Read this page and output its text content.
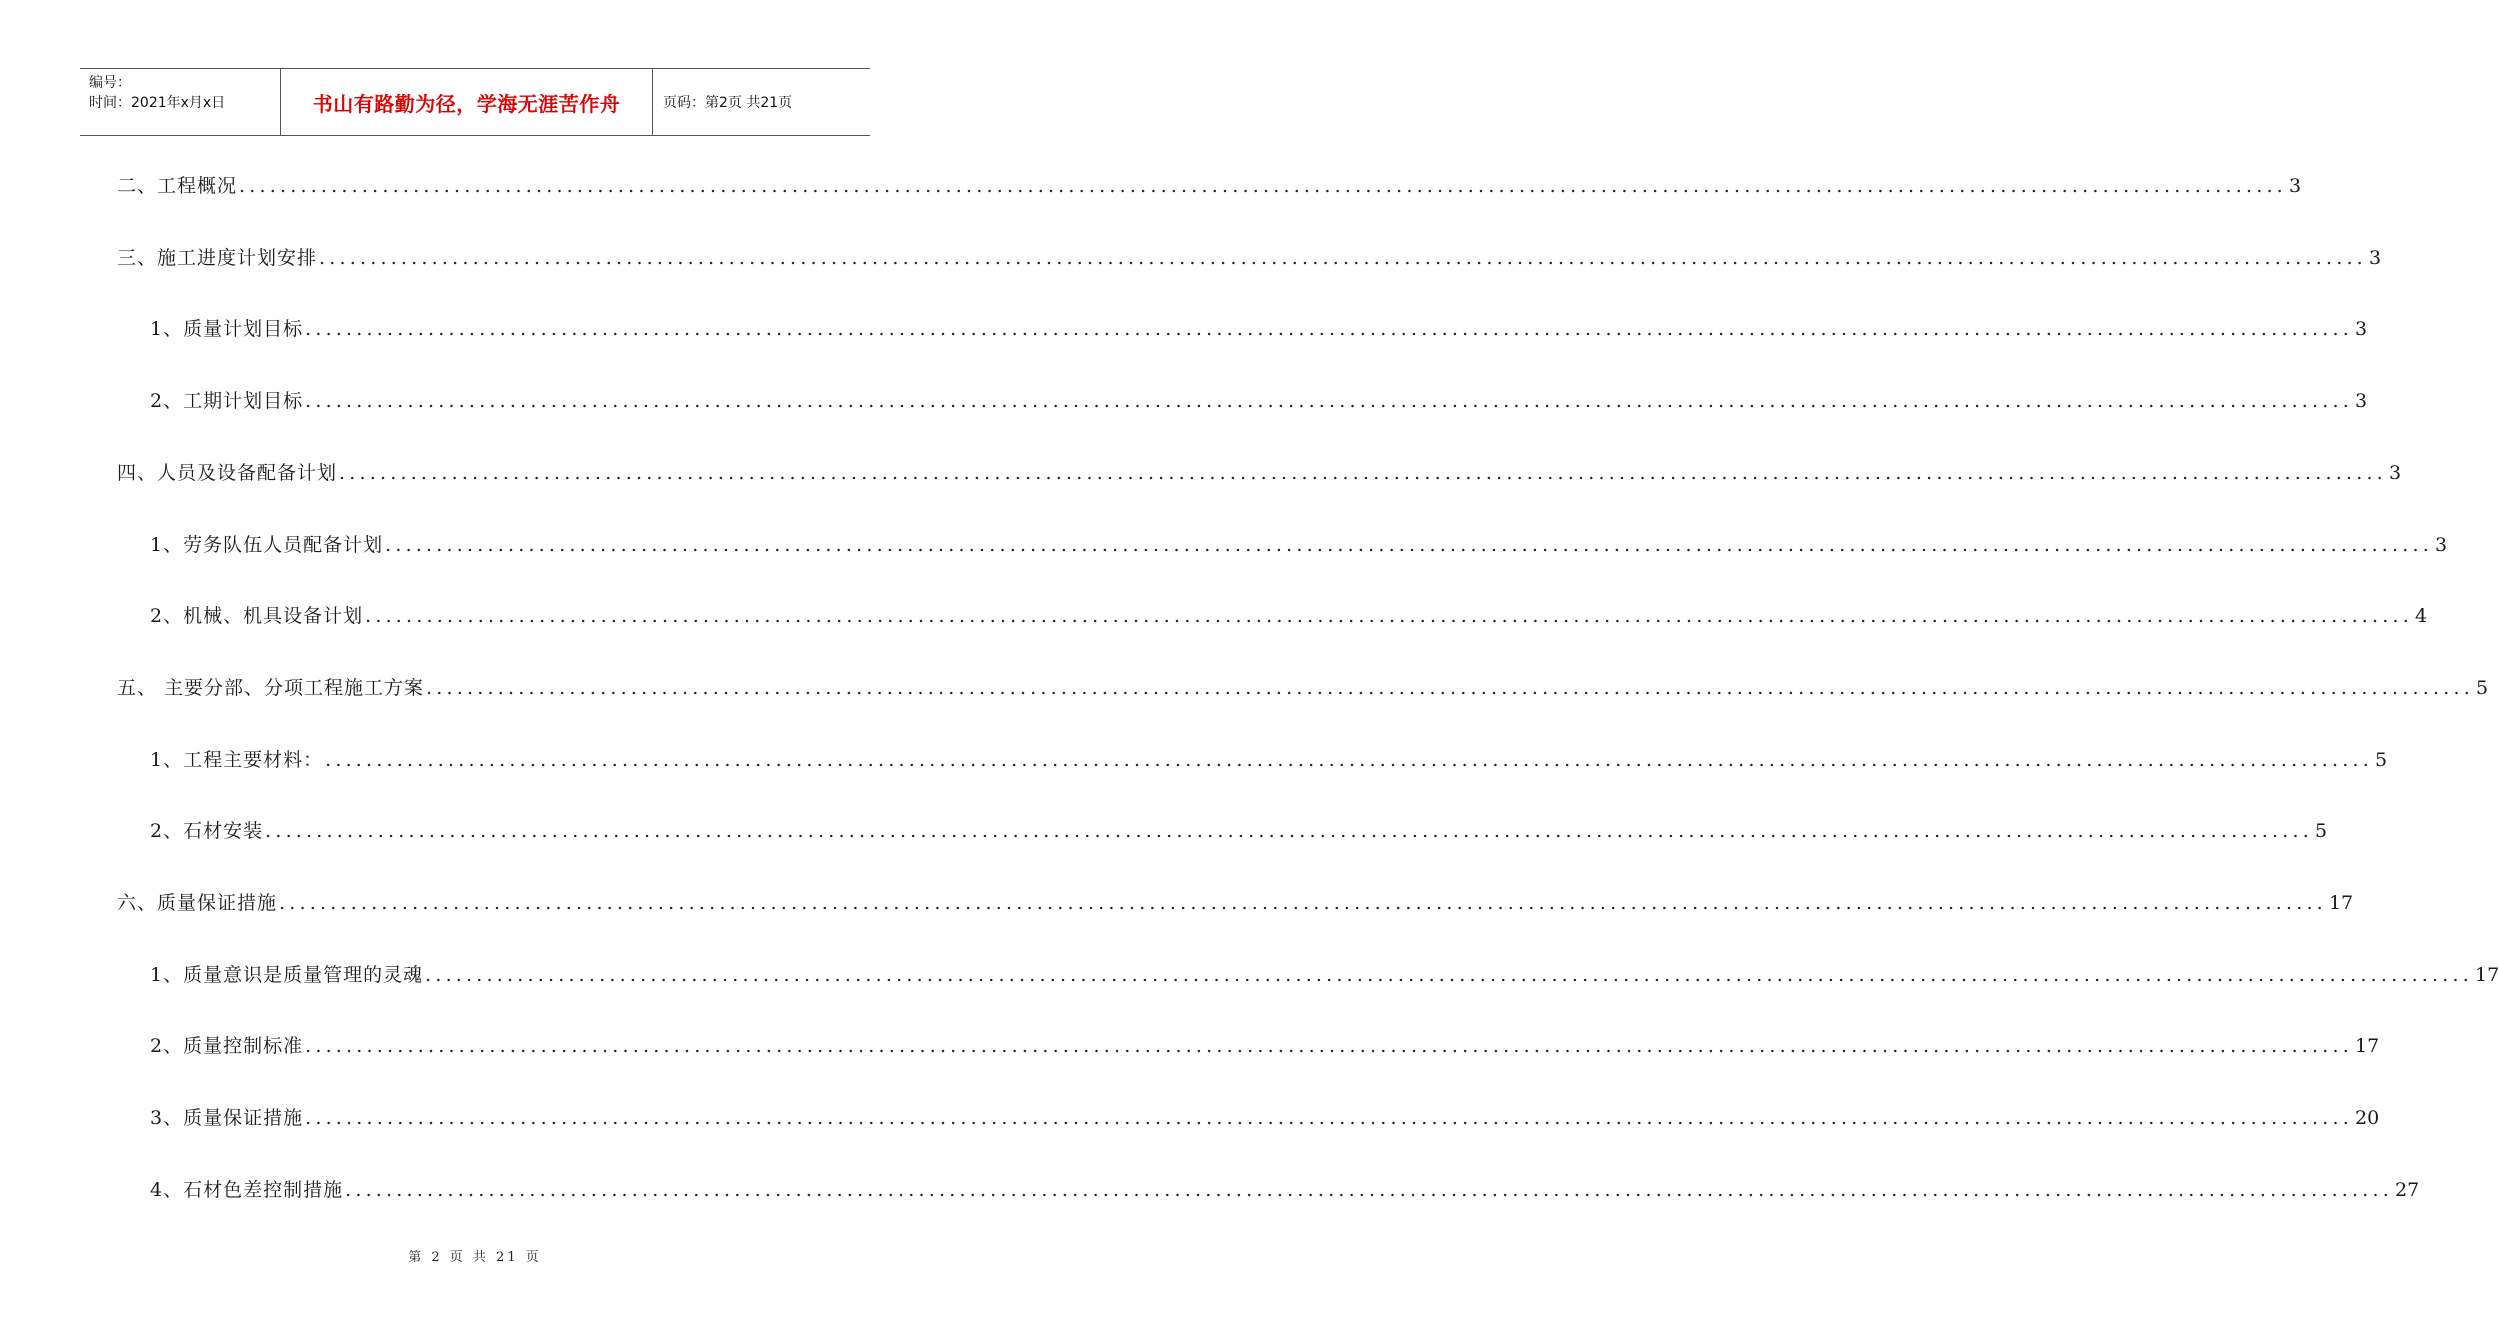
编号：
时间：2021年x月x日	书山有路勤为径，学海无涯苦作舟	页码：第2页 共21页
二、工程概况 ........................................................................................................................................................................................................ 3
三、施工进度计划安排 ........................................................................................................................................................................................................ 3
1、质量计划目标 ........................................................................................................................................................................................................ 3
2、工期计划目标 ........................................................................................................................................................................................................ 3
四、人员及设备配备计划 ........................................................................................................................................................................................................ 3
1、劳务队伍人员配备计划 ........................................................................................................................................................................................................ 3
2、机械、机具设备计划 ........................................................................................................................................................................................................ 4
五、 主要分部、分项工程施工方案 ........................................................................................................................................................................................................ 5
1、工程主要材料： ........................................................................................................................................................................................................ 5
2、石材安装 ........................................................................................................................................................................................................ 5
六、质量保证措施 ........................................................................................................................................................................................................ 17
1、质量意识是质量管理的灵魂 ........................................................................................................................................................................................................ 17
2、质量控制标准 ........................................................................................................................................................................................................ 17
3、质量保证措施 ........................................................................................................................................................................................................ 20
4、石材色差控制措施 ........................................................................................................................................................................................................ 27
第 2 页 共 21 页
